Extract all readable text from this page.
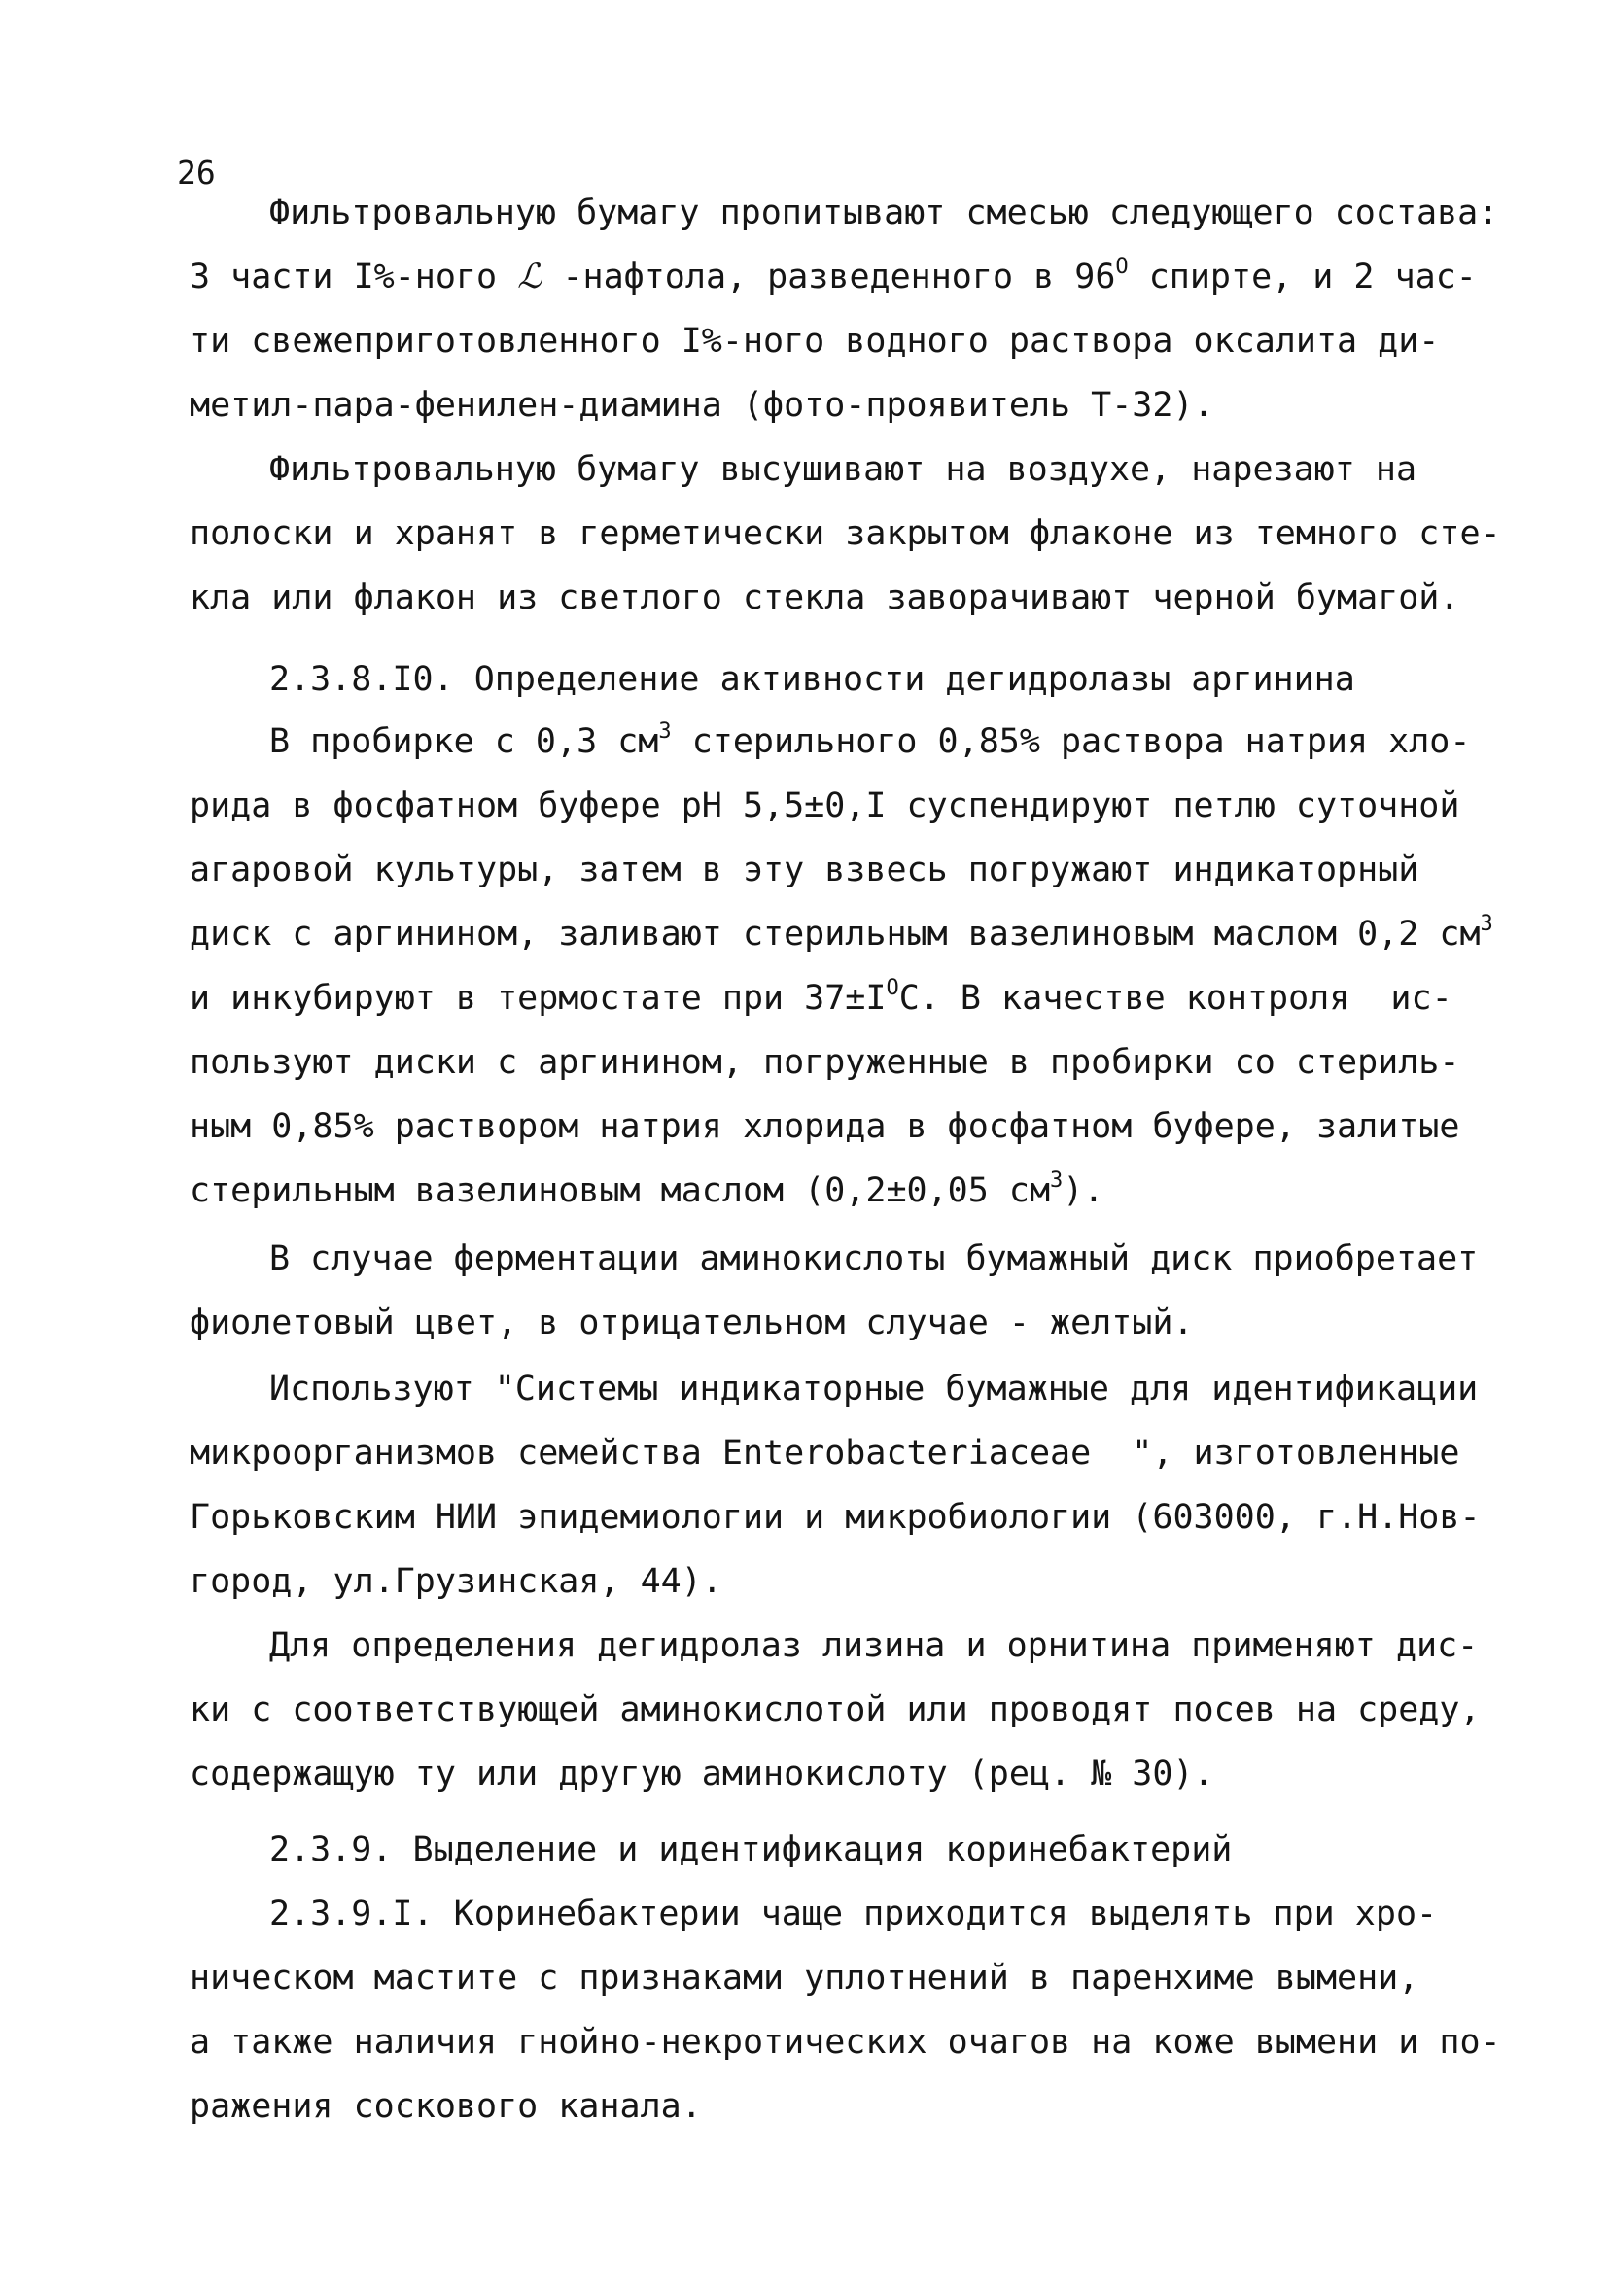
26
Фильтровальную бумагу пропитывают смесью следующего состава:
3 части I%-ного ℒ -нафтола, разведенного в $96^O$ спирте, и 2 час-
ти свежеприготовленного I%-ного водного раствора оксалита ди-
метил-пара-фенилен-диамина (фото-проявитель Т-32).
Фильтровальную бумагу высушивают на воздухе, нарезают на
полоски и хранят в герметически закрытом флаконе из темного сте-
кла или флакон из светлого стекла заворачивают черной бумагой.
2.3.8.I0. Определение активности дегидролазы аргинина
В пробирке с 0,3 $см^3$ стерильного 0,85% раствора натрия хло-
рида в фосфатном буфере рН 5,5±0,I суспендируют петлю суточной
агаровой культуры, затем в эту взвесь погружают индикаторный
диск с аргинином, заливают стерильным вазелиновым маслом 0,2 $см^3$
и инкубируют в термостате при $37\pm I^OС$. В качестве контроля  ис-
пользуют диски с аргинином, погруженные в пробирки со стериль-
ным 0,85% раствором натрия хлорида в фосфатном буфере, залитые
стерильным вазелиновым маслом (0,2±0,05 $см^3$).
В случае ферментации аминокислоты бумажный диск приобретает
фиолетовый цвет, в отрицательном случае - желтый.
Используют "Системы индикаторные бумажные для идентификации
микроорганизмов семейства Enterobacteriaceae  ", изготовленные
Горьковским НИИ эпидемиологии и микробиологии (603000, г.Н.Нов-
город, ул.Грузинская, 44).
Для определения дегидролаз лизина и орнитина применяют дис-
ки с соответствующей аминокислотой или проводят посев на среду,
содержащую ту или другую аминокислоту (рец. № 30).
2.3.9. Выделение и идентификация коринебактерий
2.3.9.I. Коринебактерии чаще приходится выделять при хро-
ническом мастите с признаками уплотнений в паренхиме вымени,
а также наличия гнойно-некротических очагов на коже вымени и по-
ражения соскового канала.
